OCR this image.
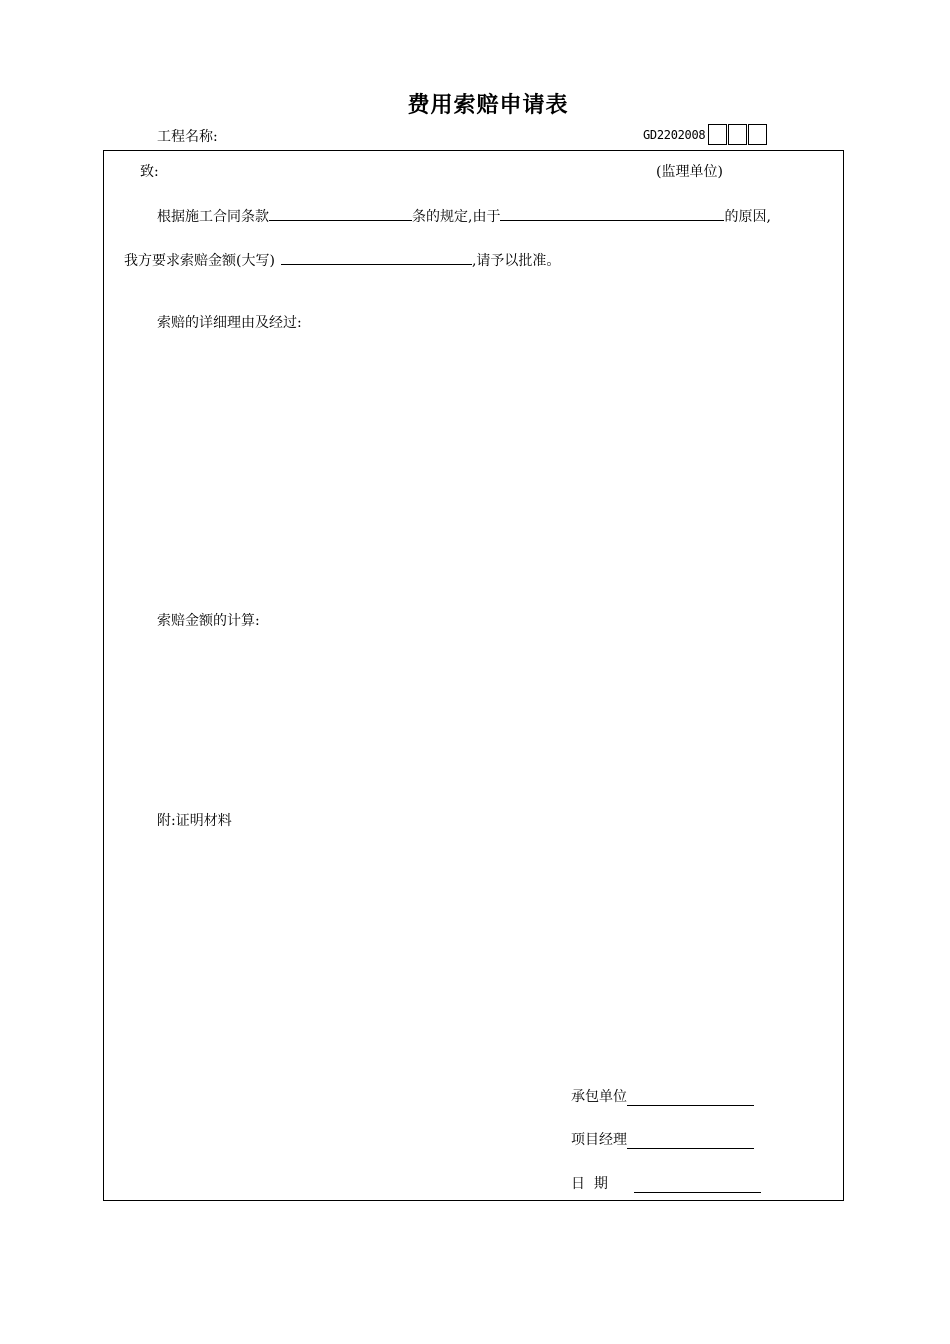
费用索赔申请表
工程名称:	GD2202008
致:	(监理单位)
根据施工合同条款	条的规定,由于	的原因,
我方要求索赔金额(大写)	,请予以批准。
索赔的详细理由及经过:
索赔金额的计算:
附:证明材料
承包单位
项目经理
日  期
